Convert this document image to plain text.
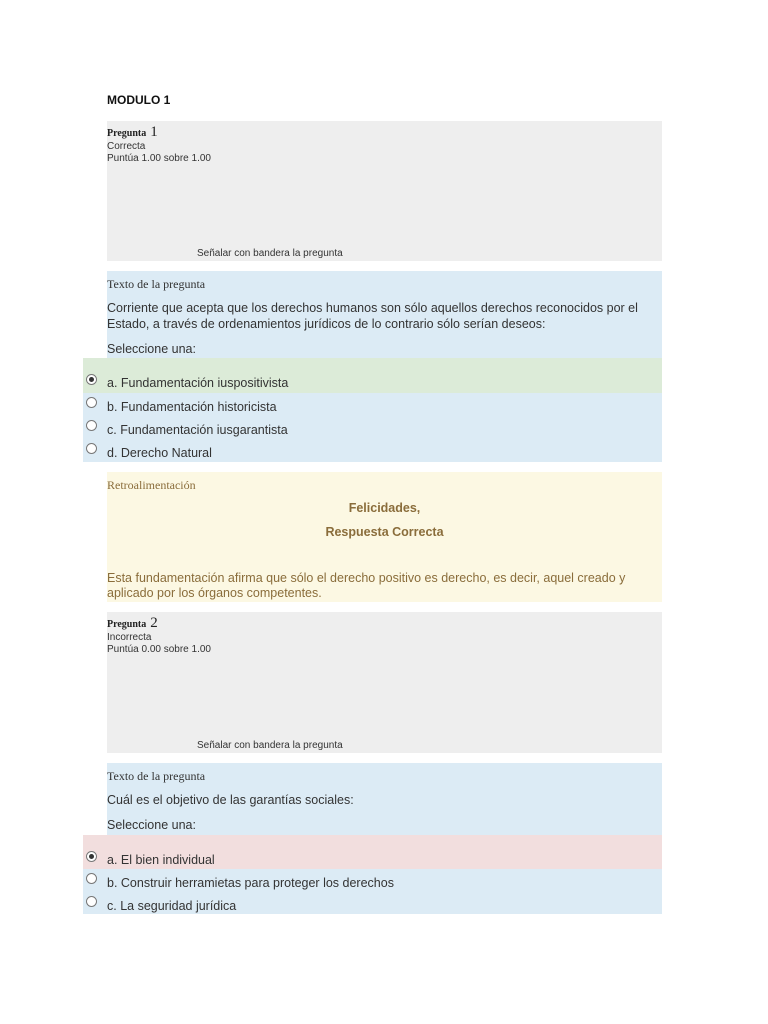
MODULO 1
Pregunta 1
Correcta
Puntúa 1.00 sobre 1.00
Señalar con bandera la pregunta
Texto de la pregunta
Corriente que acepta que los derechos humanos son sólo aquellos derechos reconocidos por el Estado, a través de ordenamientos jurídicos de lo contrario sólo serían deseos:
Seleccione una:
a. Fundamentación iuspositivista
b. Fundamentación historicista
c. Fundamentación iusgarantista
d. Derecho Natural
Retroalimentación
Felicidades,
Respuesta Correcta
Esta fundamentación afirma que sólo el derecho positivo es derecho, es decir, aquel creado y aplicado por los órganos competentes.
Pregunta 2
Incorrecta
Puntúa 0.00 sobre 1.00
Señalar con bandera la pregunta
Texto de la pregunta
Cuál es el objetivo de las garantías sociales:
Seleccione una:
a. El bien individual
b. Construir herramietas para proteger los derechos
c. La seguridad jurídica
